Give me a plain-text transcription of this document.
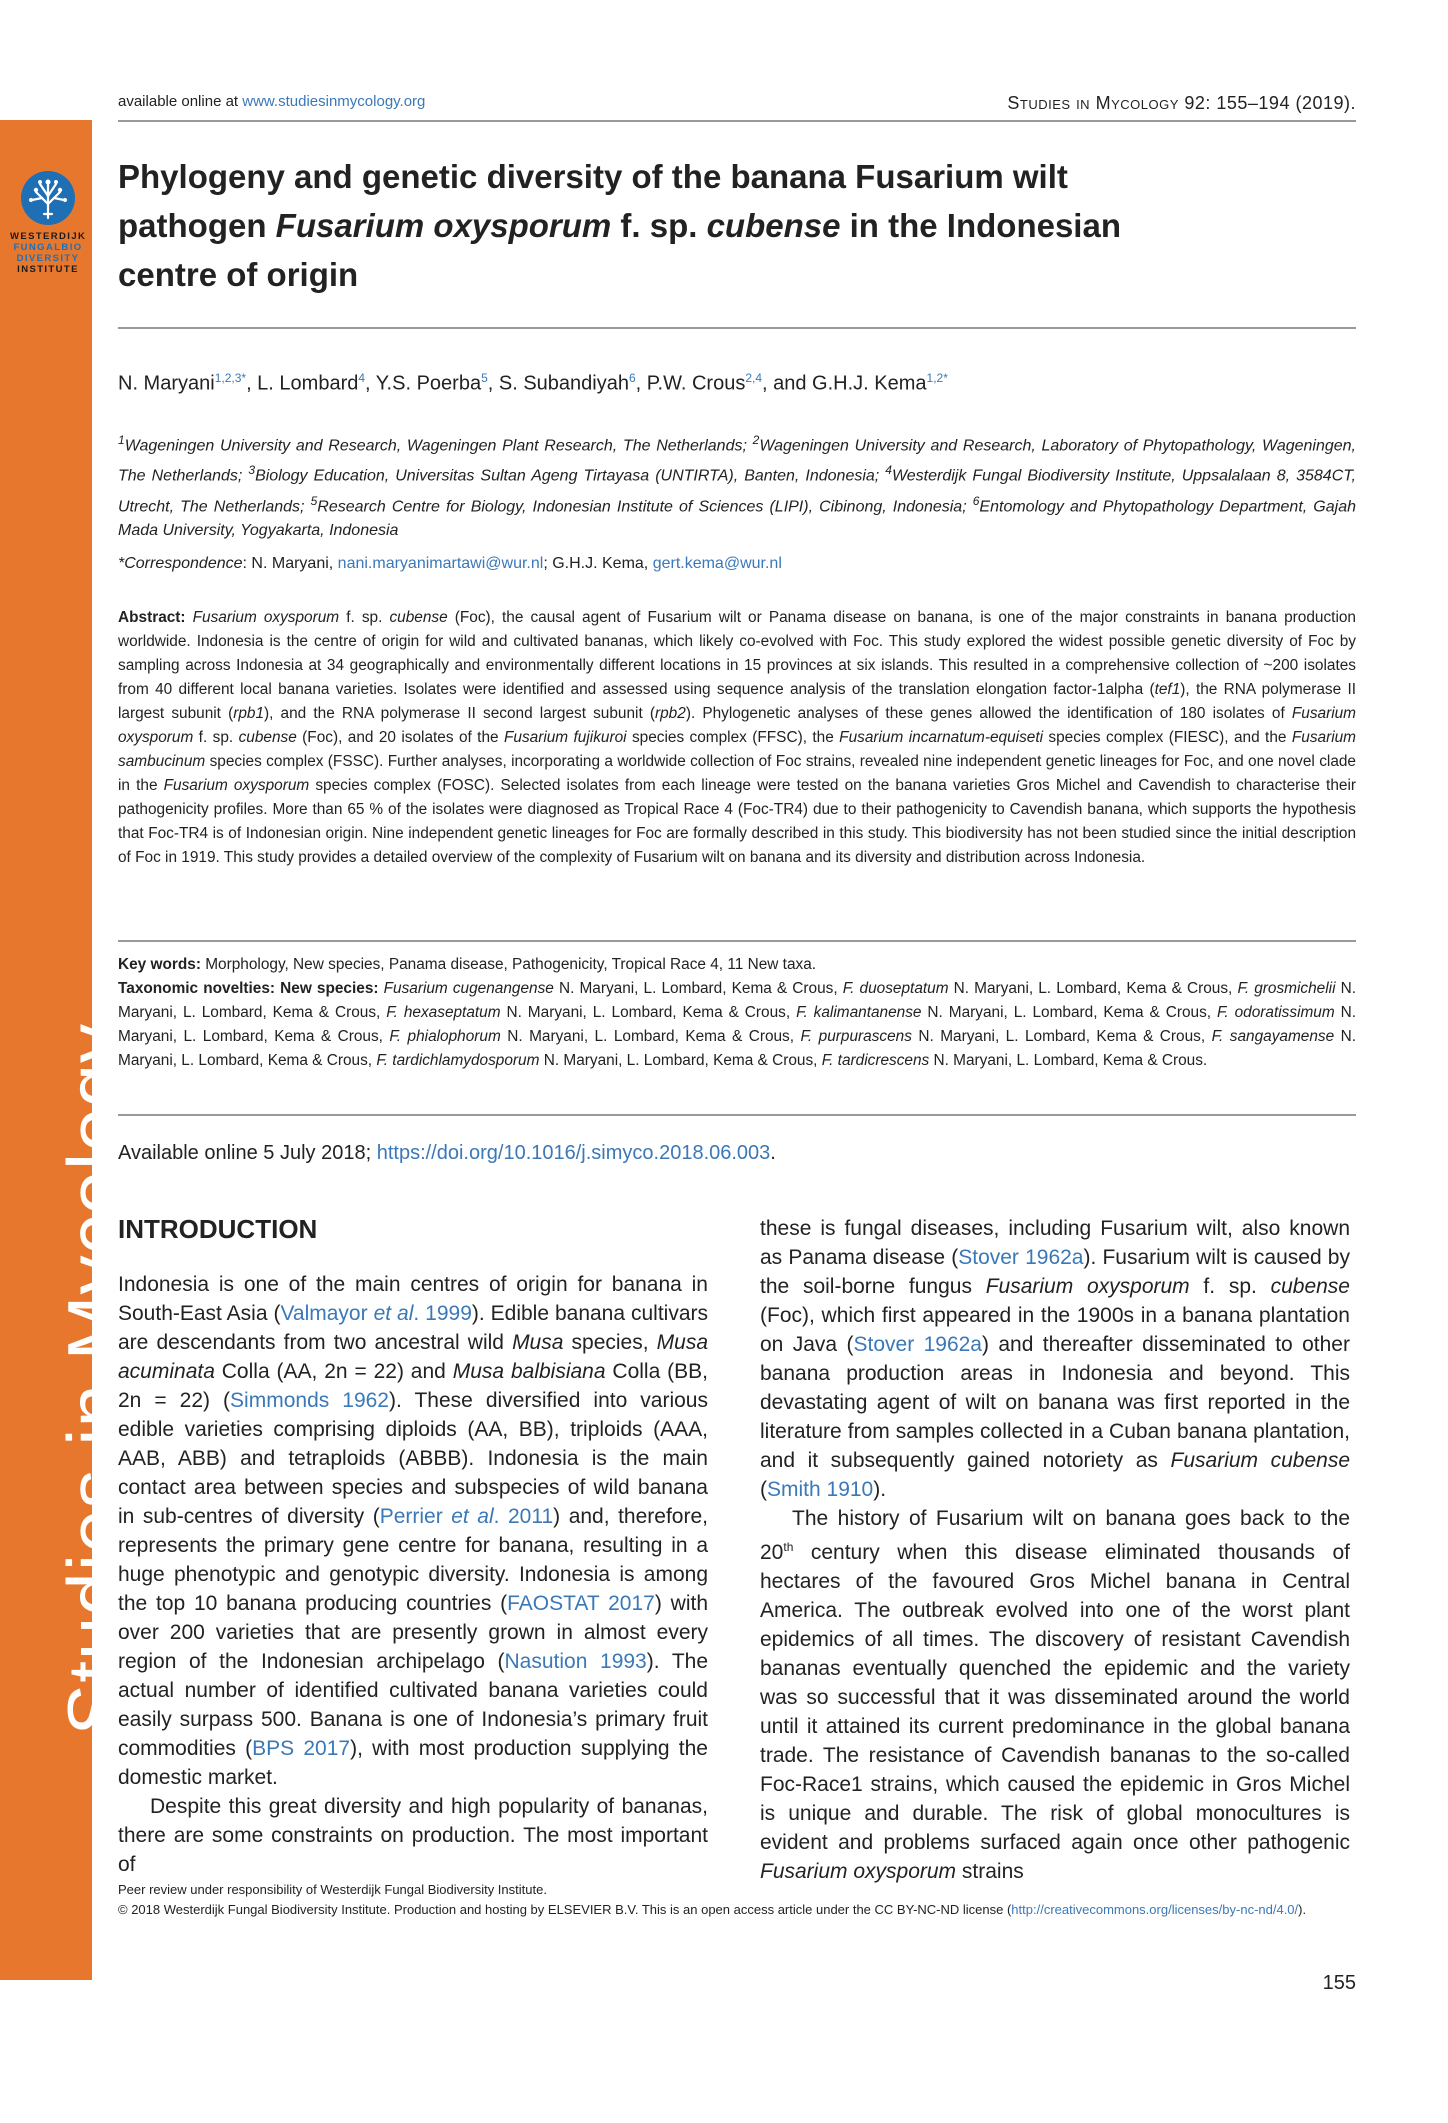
WESTERDIJK
FUNGALBIO
DIVERSITY
INSTITUTE
Studies in Mycology
available online at www.studiesinmycology.org	Studies in Mycology 92: 155–194 (2019).
Phylogeny and genetic diversity of the banana Fusarium wilt pathogen Fusarium oxysporum f. sp. cubense in the Indonesian centre of origin
N. Maryani$^{1,2,3*}$, L. Lombard$^4$, Y.S. Poerba$^5$, S. Subandiyah$^6$, P.W. Crous$^{2,4}$, and G.H.J. Kema$^{1,2*}$
$^1$Wageningen University and Research, Wageningen Plant Research, The Netherlands; $^2$Wageningen University and Research, Laboratory of Phytopathology, Wageningen, The Netherlands; $^3$Biology Education, Universitas Sultan Ageng Tirtayasa (UNTIRTA), Banten, Indonesia; $^4$Westerdijk Fungal Biodiversity Institute, Uppsalalaan 8, 3584CT, Utrecht, The Netherlands; $^5$Research Centre for Biology, Indonesian Institute of Sciences (LIPI), Cibinong, Indonesia; $^6$Entomology and Phytopathology Department, Gajah Mada University, Yogyakarta, Indonesia
*Correspondence: N. Maryani, nani.maryanimartawi@wur.nl; G.H.J. Kema, gert.kema@wur.nl
Abstract: Fusarium oxysporum f. sp. cubense (Foc), the causal agent of Fusarium wilt or Panama disease on banana, is one of the major constraints in banana production worldwide. Indonesia is the centre of origin for wild and cultivated bananas, which likely co-evolved with Foc. This study explored the widest possible genetic diversity of Foc by sampling across Indonesia at 34 geographically and environmentally different locations in 15 provinces at six islands. This resulted in a comprehensive collection of ~200 isolates from 40 different local banana varieties. Isolates were identified and assessed using sequence analysis of the translation elongation factor-1alpha (tef1), the RNA polymerase II largest subunit (rpb1), and the RNA polymerase II second largest subunit (rpb2). Phylogenetic analyses of these genes allowed the identification of 180 isolates of Fusarium oxysporum f. sp. cubense (Foc), and 20 isolates of the Fusarium fujikuroi species complex (FFSC), the Fusarium incarnatum-equiseti species complex (FIESC), and the Fusarium sambucinum species complex (FSSC). Further analyses, incorporating a worldwide collection of Foc strains, revealed nine independent genetic lineages for Foc, and one novel clade in the Fusarium oxysporum species complex (FOSC). Selected isolates from each lineage were tested on the banana varieties Gros Michel and Cavendish to characterise their pathogenicity profiles. More than 65 % of the isolates were diagnosed as Tropical Race 4 (Foc-TR4) due to their pathogenicity to Cavendish banana, which supports the hypothesis that Foc-TR4 is of Indonesian origin. Nine independent genetic lineages for Foc are formally described in this study. This biodiversity has not been studied since the initial description of Foc in 1919. This study provides a detailed overview of the complexity of Fusarium wilt on banana and its diversity and distribution across Indonesia.
Key words: Morphology, New species, Panama disease, Pathogenicity, Tropical Race 4, 11 New taxa.
Taxonomic novelties: New species: Fusarium cugenangense N. Maryani, L. Lombard, Kema & Crous, F. duoseptatum N. Maryani, L. Lombard, Kema & Crous, F. grosmichelii N. Maryani, L. Lombard, Kema & Crous, F. hexaseptatum N. Maryani, L. Lombard, Kema & Crous, F. kalimantanense N. Maryani, L. Lombard, Kema & Crous, F. odoratissimum N. Maryani, L. Lombard, Kema & Crous, F. phialophorum N. Maryani, L. Lombard, Kema & Crous, F. purpurascens N. Maryani, L. Lombard, Kema & Crous, F. sangayamense N. Maryani, L. Lombard, Kema & Crous, F. tardichlamydosporum N. Maryani, L. Lombard, Kema & Crous, F. tardicrescens N. Maryani, L. Lombard, Kema & Crous.
Available online 5 July 2018; https://doi.org/10.1016/j.simyco.2018.06.003.
INTRODUCTION

Indonesia is one of the main centres of origin for banana in South-East Asia (Valmayor et al. 1999). Edible banana cultivars are descendants from two ancestral wild Musa species, Musa acuminata Colla (AA, 2n = 22) and Musa balbisiana Colla (BB, 2n = 22) (Simmonds 1962). These diversified into various edible varieties comprising diploids (AA, BB), triploids (AAA, AAB, ABB) and tetraploids (ABBB). Indonesia is the main contact area between species and subspecies of wild banana in sub-centres of diversity (Perrier et al. 2011) and, therefore, represents the primary gene centre for banana, resulting in a huge phenotypic and genotypic diversity. Indonesia is among the top 10 banana producing countries (FAOSTAT 2017) with over 200 varieties that are presently grown in almost every region of the Indonesian archipelago (Nasution 1993). The actual number of identified cultivated banana varieties could easily surpass 500. Banana is one of Indonesia’s primary fruit commodities (BPS 2017), with most production supplying the domestic market.

Despite this great diversity and high popularity of bananas, there are some constraints on production. The most important of

these is fungal diseases, including Fusarium wilt, also known as Panama disease (Stover 1962a). Fusarium wilt is caused by the soil-borne fungus Fusarium oxysporum f. sp. cubense (Foc), which first appeared in the 1900s in a banana plantation on Java (Stover 1962a) and thereafter disseminated to other banana production areas in Indonesia and beyond. This devastating agent of wilt on banana was first reported in the literature from samples collected in a Cuban banana plantation, and it subsequently gained notoriety as Fusarium cubense (Smith 1910).

The history of Fusarium wilt on banana goes back to the 20th century when this disease eliminated thousands of hectares of the favoured Gros Michel banana in Central America. The outbreak evolved into one of the worst plant epidemics of all times. The discovery of resistant Cavendish bananas eventually quenched the epidemic and the variety was so successful that it was disseminated around the world until it attained its current predominance in the global banana trade. The resistance of Cavendish bananas to the so-called Foc-Race1 strains, which caused the epidemic in Gros Michel is unique and durable. The risk of global monocultures is evident and problems surfaced again once other pathogenic Fusarium oxysporum strains

Peer review under responsibility of Westerdijk Fungal Biodiversity Institute.
© 2018 Westerdijk Fungal Biodiversity Institute. Production and hosting by ELSEVIER B.V. This is an open access article under the CC BY-NC-ND license (http://creativecommons.org/licenses/by-nc-nd/4.0/).
155
